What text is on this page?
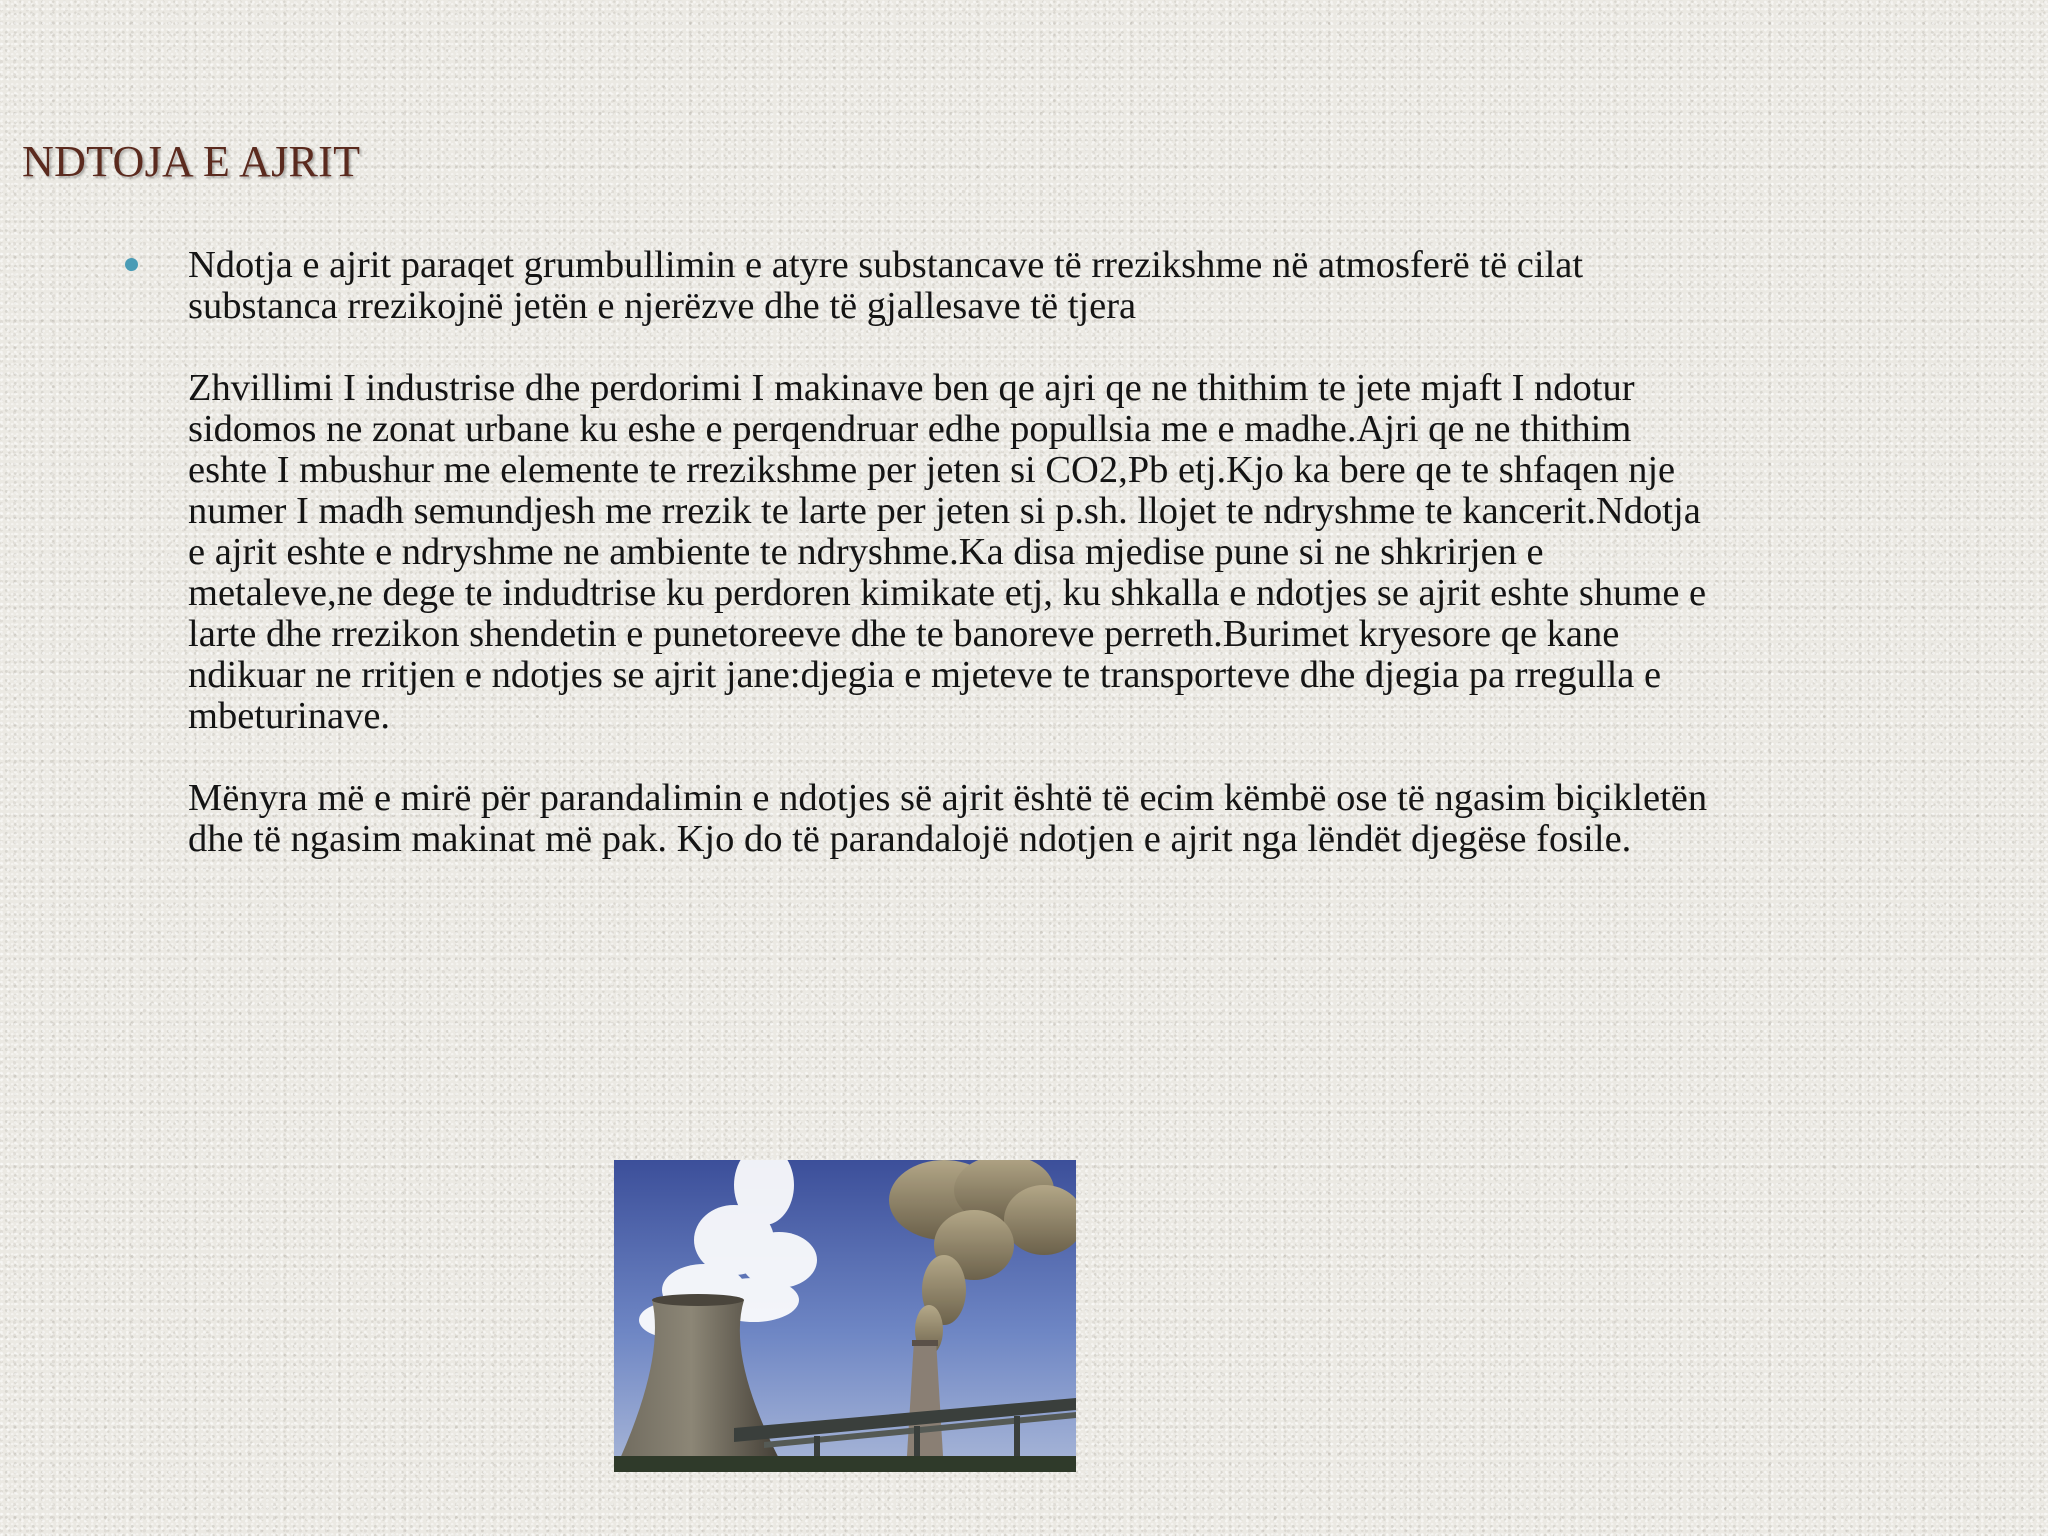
NDTOJA E AJRIT

Ndotja e ajrit paraqet grumbullimin e atyre substancave të rrezikshme në atmosferë të cilat substanca rrezikojnë jetën e njerëzve dhe të gjallesave të tjera

Zhvillimi I industrise dhe perdorimi I makinave ben qe ajri qe ne thithim te jete mjaft I ndotur sidomos ne zonat urbane ku eshe e perqendruar edhe popullsia me e madhe.Ajri qe ne thithim eshte I mbushur me elemente te rrezikshme per jeten si CO2,Pb etj.Kjo ka bere qe te shfaqen nje numer I madh semundjesh me rrezik te larte per jeten si p.sh. llojet te ndryshme te kancerit.Ndotja e ajrit eshte e ndryshme ne ambiente te ndryshme.Ka disa mjedise pune si ne shkrirjen e metaleve,ne dege te indudtrise ku perdoren kimikate etj, ku shkalla e ndotjes se ajrit eshte shume e larte dhe rrezikon shendetin e punetoreeve dhe te banoreve perreth.Burimet kryesore qe kane ndikuar ne rritjen e ndotjes se ajrit jane:djegia e mjeteve te transporteve dhe djegia pa rregulla e mbeturinave.

Mënyra më e mirë për parandalimin e ndotjes së ajrit është të ecim këmbë ose të ngasim biçikletën dhe të ngasim makinat më pak. Kjo do të parandalojë ndotjen e ajrit nga lëndët djegëse fosile.
